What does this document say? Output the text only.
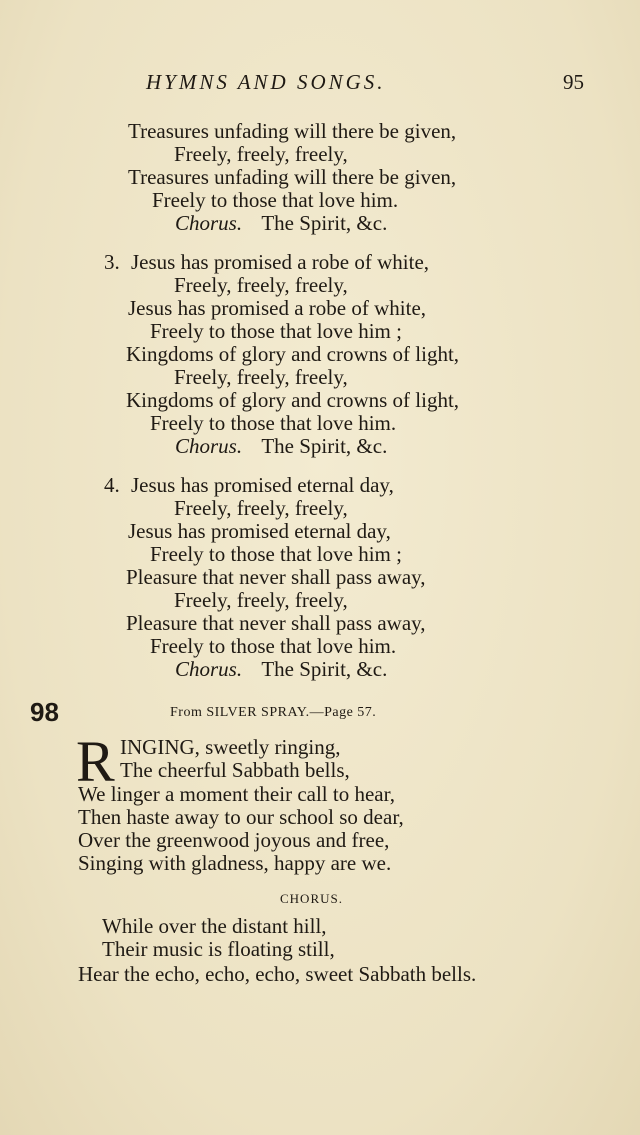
HYMNS AND SONGS.	95
Treasures unfading will there be given,
Freely, freely, freely,
Treasures unfading will there be given,
Freely to those that love him.
Chorus. The Spirit, &c.
3. Jesus has promised a robe of white,
Freely, freely, freely,
Jesus has promised a robe of white,
Freely to those that love him ;
Kingdoms of glory and crowns of light,
Freely, freely, freely,
Kingdoms of glory and crowns of light,
Freely to those that love him.
Chorus. The Spirit, &c.
4. Jesus has promised eternal day,
Freely, freely, freely,
Jesus has promised eternal day,
Freely to those that love him ;
Pleasure that never shall pass away,
Freely, freely, freely,
Pleasure that never shall pass away,
Freely to those that love him.
Chorus. The Spirit, &c.
98	From SILVER SPRAY.—Page 57.
R INGING, sweetly ringing,
The cheerful Sabbath bells,
We linger a moment their call to hear,
Then haste away to our school so dear,
Over the greenwood joyous and free,
Singing with gladness, happy are we.
CHORUS.
While over the distant hill,
Their music is floating still,
Hear the echo, echo, echo, sweet Sabbath bells.
